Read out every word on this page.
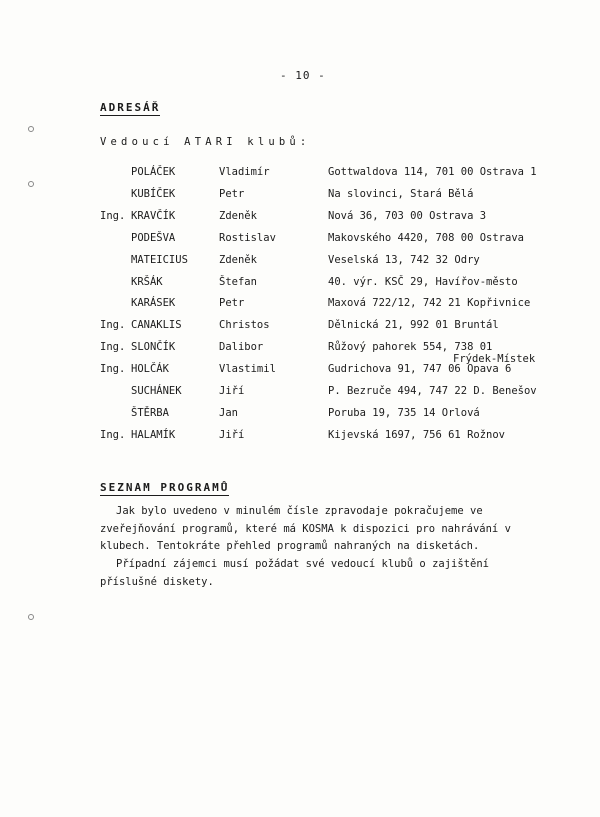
- 10 -
ADRESÁŘ
Vedoucí ATARI klubů:
POLÁČEK	Vladimír	Gottwaldova 114, 701 00 Ostrava 1
KUBÍČEK	Petr	Na slovinci, Stará Bělá
Ing. KRAVČÍK	Zdeněk	Nová 36, 703 00 Ostrava 3
PODEŠVA	Rostislav	Makovského 4420, 708 00 Ostrava
MATEICIUS	Zdeněk	Veselská 13, 742 32 Odry
KRŠÁK	Štefan	40. výr. KSČ 29, Havířov-město
KARÁSEK	Petr	Maxová 722/12, 742 21 Kopřivnice
Ing. CANAKLIS	Christos	Dělnická 21, 992 01 Bruntál
Ing. SLONČÍK	Dalibor	Růžový pahorek 554, 738 01
Frýdek-Místek
Ing. HOLČÁK	Vlastimil	Gudrichova 91, 747 06 Opava 6
SUCHÁNEK	Jiří	P. Bezruče 494, 747 22 D. Benešov
ŠTĚRBA	Jan	Poruba 19, 735 14 Orlová
Ing. HALAMÍK	Jiří	Kijevská 1697, 756 61 Rožnov
SEZNAM PROGRAMŮ
Jak bylo uvedeno v minulém čísle zpravodaje pokračujeme ve zveřejňování programů, které má KOSMA k dispozici pro nahrávání v klubech. Tentokráte přehled programů nahraných na disketách.
Případní zájemci musí požádat své vedoucí klubů o zajištění příslušné diskety.
